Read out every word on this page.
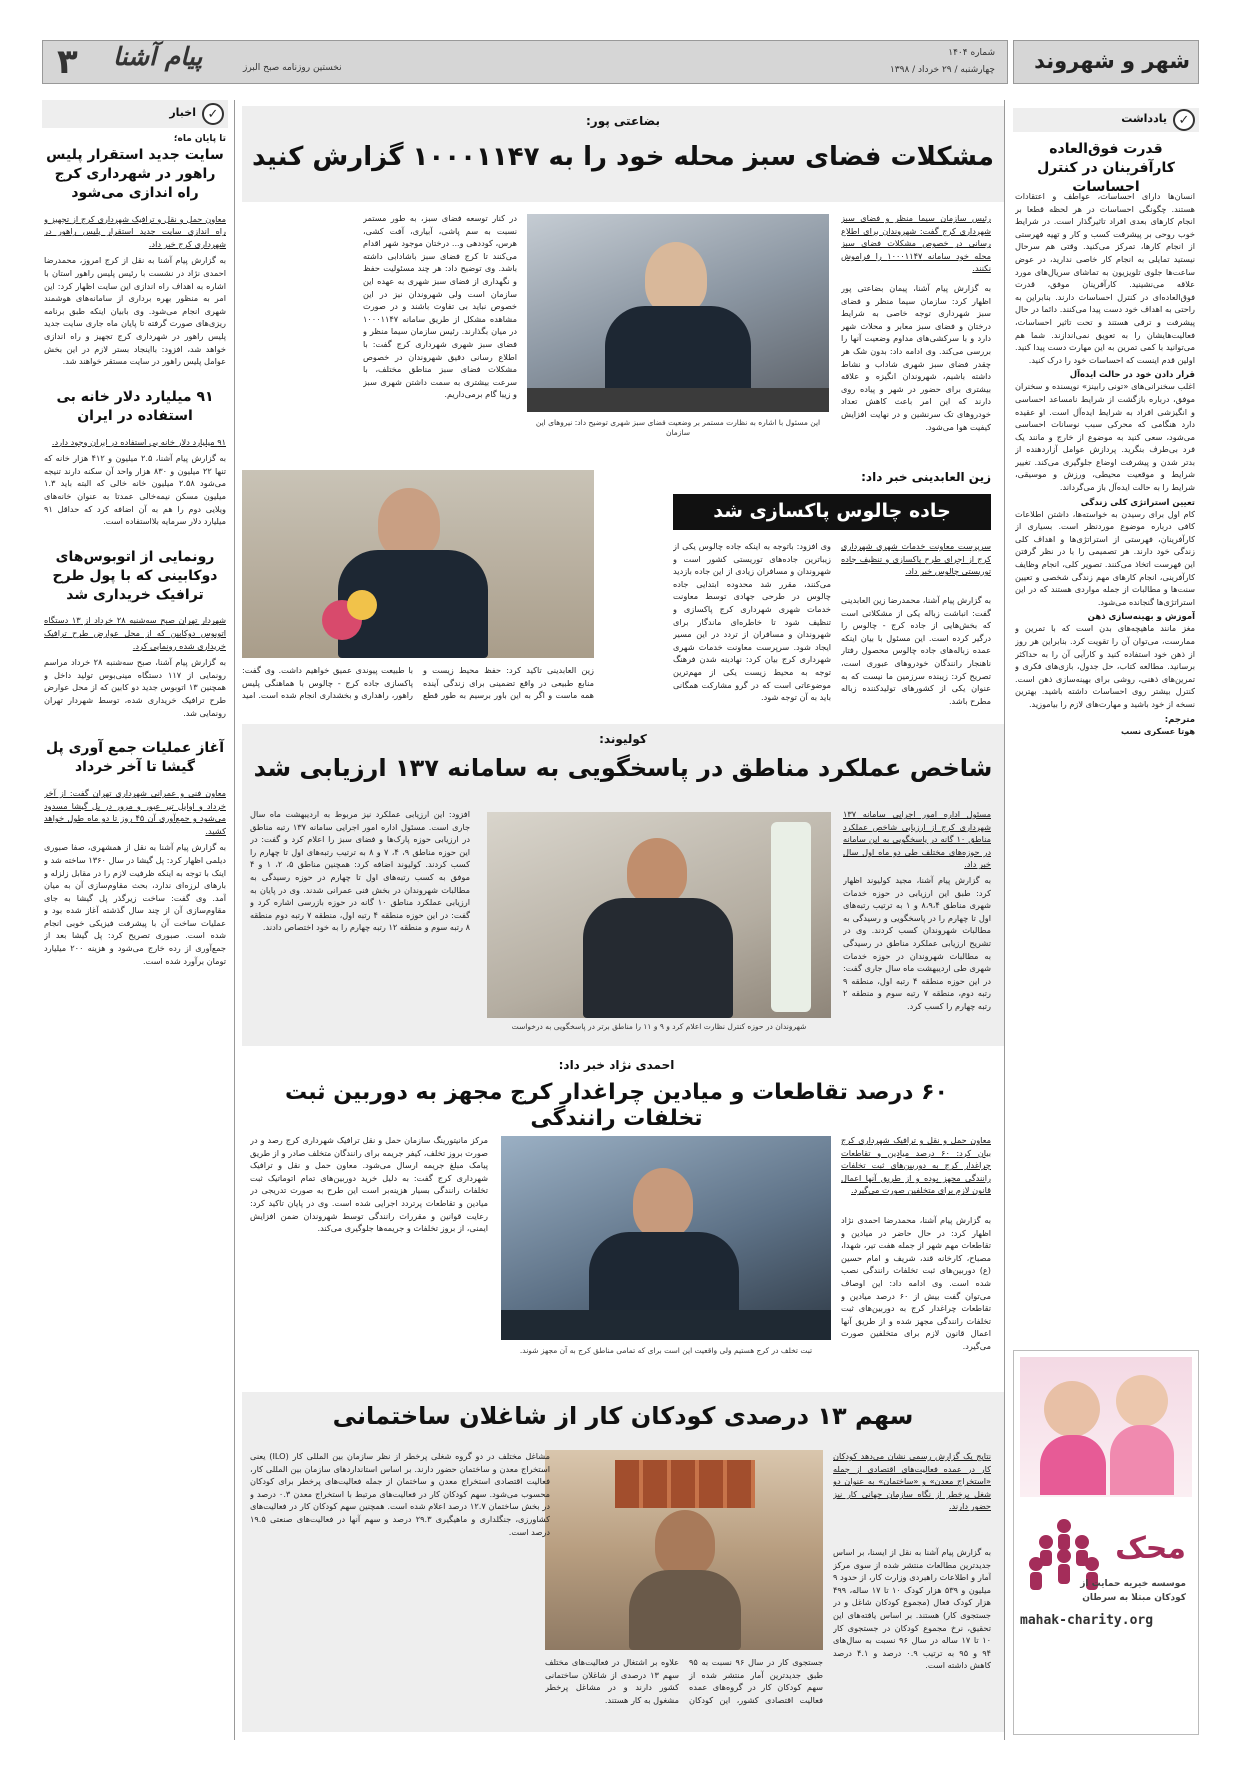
شهر و شهروند
شماره ۱۴۰۴
چهارشنبه / ۲۹ خرداد / ۱۳۹۸
۳ پیام آشنا	نخستین روزنامه صبح البرز
✓
یادداشت
قدرت فوق‌العاده کارآفرینان در کنترل احساسات
انسان‌ها دارای احساسات، عواطف و اعتقادات هستند. چگونگی احساسات در هر لحظه قطعا بر انجام کارهای بعدی افراد تاثیرگذار است. در شرایط خوب روحی بر پیشرفت کسب و کار و تهیه فهرستی از انجام کارها، تمرکز می‌کنید. وقتی هم سرحال نیستید تمایلی به انجام کار خاصی ندارید، در عوض ساعت‌ها جلوی تلویزیون به تماشای سریال‌های مورد علاقه می‌نشینید. کارآفرینان موفق، قدرت فوق‌العاده‌ای در کنترل احساسات دارند. بنابراین به راحتی به اهداف خود دست پیدا می‌کنند. دائما در حال پیشرفت و ترقی هستند و تحت تاثیر احساسات، فعالیت‌هایشان را به تعویق نمی‌اندازند. شما هم می‌توانید با کمی تمرین به این مهارت دست پیدا کنید. اولین قدم اینست که احساسات خود را درک کنید.
قرار دادن خود در حالت ایده‌آل
اغلب سخنرانی‌های «تونی رابینز» نویسنده و سخنران موفق، درباره بازگشت از شرایط نامساعد احساسی و انگیزشی افراد به شرایط ایده‌آل است. او عقیده دارد هنگامی که محرکی سبب نوسانات احساسی می‌شود، سعی کنید به موضوع از خارج و مانند یک فرد بی‌طرف بنگرید. پردازش عوامل آزاردهنده از بدتر شدن و پیشرفت اوضاع جلوگیری می‌کند. تغییر شرایط و موقعیت محیطی، ورزش و موسیقی، شرایط را به حالت ایده‌آل باز می‌گرداند.
تعیین استراتژی کلی زندگی
کام اول برای رسیدن به خواسته‌ها، داشتن اطلاعات کافی درباره موضوع موردنظر است. بسیاری از کارآفرینان، فهرستی از استراتژی‌ها و اهداف کلی زندگی خود دارند. هر تصمیمی را با در نظر گرفتن این فهرست اتخاذ می‌کنند. تصویر کلی، انجام وظایف کارآفرینی، انجام کارهای مهم زندگی شخصی و تعیین سنت‌ها و مطالبات از جمله مواردی هستند که در این استراتژی‌ها گنجانده می‌شود.
آموزش و بهینه‌سازی ذهن
مغز مانند ماهیچه‌های بدن است که با تمرین و ممارست، می‌توان آن را تقویت کرد. بنابراین هر روز از ذهن خود استفاده کنید و کارآیی آن را به حداکثر برسانید. مطالعه کتاب، حل جدول، بازی‌های فکری و تمرین‌های ذهنی، روشی برای بهینه‌سازی ذهن است. کنترل بیشتر روی احساسات داشته باشید. بهترین نسخه از خود باشید و مهارت‌های لازم را بیاموزید.
مترجم:
هوتا عسکری نسب
محک
موسسه خیریه حمایت از
کودکان مبتلا به سرطان
mahak-charity.org
✓
اخبار
تا پایان ماه؛
سایت جدید استقرار پلیس راهور در شهرداری کرج راه اندازی می‌شود
معاون حمل و نقل و ترافیک شهرداری کرج از تجهیز و راه اندازی سایت جدید استقرار پلیس راهور در شهرداری کرج خبر داد.
به گزارش پیام آشنا به نقل از کرج امروز، محمدرضا احمدی نژاد در نشست با رئیس پلیس راهور استان با اشاره به اهداف راه اندازی این سایت اظهار کرد: این امر به منظور بهره برداری از سامانه‌های هوشمند شهری انجام می‌شود. وی بابیان اینکه طبق برنامه ریزی‌های صورت گرفته تا پایان ماه جاری سایت جدید پلیس راهور در شهرداری کرج تجهیز و راه اندازی خواهد شد، افزود: بااینجاد بستر لازم در این بخش عوامل پلیس راهور در سایت مستقر خواهند شد.
۹۱ میلیارد دلار خانه بی استفاده در ایران
۹۱ میلیارد دلار خانه بی استفاده در ایران وجود دارد.
به گزارش پیام آشنا، ۲.۵ میلیون و ۴۱۲ هزار خانه که تنها ۲۲ میلیون و ۸۳۰ هزار واحد آن سکنه دارند تنیجه می‌شود ۲.۵۸ میلیون خانه خالی که البته باید ۱.۳ میلیون مسکن نیمه‌خالی عمدتا به عنوان خانه‌های ویلایی دوم را هم به آن اضافه کرد که حداقل ۹۱ میلیارد دلار سرمایه بلااستفاده است.
رونمایی از اتوبوس‌های دوکابینی که با پول طرح ترافیک خریداری شد
شهردار تهران صبح سه‌شنبه ۲۸ خرداد از ۱۳ دستگاه اتوبوس دوکابین که از محل عوارض طرح ترافیک خریداری شده رونمایی کرد.
به گزارش پیام آشنا، صبح سه‌شنبه ۲۸ خرداد مراسم رونمایی از ۱۱۷ دستگاه مینی‌بوس تولید داخل و همچنین ۱۳ اتوبوس جدید دو کابین که از محل عوارض طرح ترافیک خریداری شده، توسط شهردار تهران رونمایی شد.
آغاز عملیات جمع آوری پل گیشا تا آخر خرداد
معاون فنی و عمرانی شهرداری تهران گفت: از آخر خرداد و اوایل تیر عبور و مرور در پل گیشا مسدود می‌شود و جمع‌آوری آن ۴۵ روز تا دو ماه طول خواهد کشید.
به گزارش پیام آشنا به نقل از همشهری، صفا صبوری دیلمی اظهار کرد: پل گیشا در سال ۱۳۶۰ ساخته شد و اینک با توجه به اینکه ظرفیت لازم را در مقابل زلزله و بارهای لرزه‌ای ندارد، بحث مقاوم‌سازی آن به میان آمد. وی گفت: ساخت زیرگذر پل گیشا به جای مقاوم‌سازی آن از چند سال گذشته آغاز شده بود و عملیات ساخت آن با پیشرفت فیزیکی خوبی انجام شده است. صبوری تصریح کرد: پل گیشا بعد از جمع‌آوری از رده خارج می‌شود و هزینه ۲۰۰ میلیارد تومان برآورد شده است.
بضاعتی پور:
مشکلات فضای سبز محله خود را به ۱۰۰۰۱۱۴۷ گزارش کنید
رئیس سازمان سیما منظر و فضای سبز شهرداری کرج گفت: شهروندان برای اطلاع رسانی در خصوص مشکلات فضای سبز محله خود سامانه ۱۰۰۰۱۱۴۷ را فراموش نکنند.
به گزارش پیام آشنا، پیمان بضاعتی پور اظهار کرد: سازمان سیما منظر و فضای سبز شهرداری توجه خاصی به شرایط درختان و فضای سبز معابر و محلات شهر دارد و با سرکشی‌های مداوم وضعیت آنها را بررسی می‌کند. وی ادامه داد: بدون شک هر چقدر فضای سبز شهری شاداب و نشاط داشته باشیم، شهروندان انگیزه و علاقه بیشتری برای حضور در شهر و پیاده روی دارند که این امر باعث کاهش تعداد خودروهای تک سرنشین و در نهایت افزایش کیفیت هوا می‌شود.
این مسئول با اشاره به نظارت مستمر بر وضعیت فضای سبز شهری توضیح داد: نیروهای این سازمان
در کنار توسعه فضای سبز، به طور مستمر نسبت به سم پاشی، آبیاری، آفت کشی، هرس، کوددهی و... درختان موجود شهر اقدام می‌کنند تا کرج فضای سبز باشادابی داشته باشد. وی توضیح داد: هر چند مسئولیت حفظ و نگهداری از فضای سبز شهری به عهده این سازمان است ولی شهروندان نیز در این خصوص نباید بی تفاوت باشند و در صورت مشاهده مشکل از طریق سامانه ۱۰۰۰۱۱۴۷ در میان بگذارند. رئیس سازمان سیما منظر و فضای سبز شهری شهرداری کرج گفت: با اطلاع رسانی دقیق شهروندان در خصوص مشکلات فضای سبز مناطق مختلف، با سرعت بیشتری به سمت داشتن شهری سبز و زیبا گام برمی‌داریم.
زین العابدینی خبر داد:
جاده چالوس پاکسازی شد
سرپرست معاونت خدمات شهری شهرداری کرج از اجرای طرح پاکسازی و تنظیف جاده توریستی چالوس خبر داد.
به گزارش پیام آشنا، محمدرضا زین العابدینی گفت: انباشت زباله یکی از مشکلاتی است که بخش‌هایی از جاده کرج - چالوس را درگیر کرده است. این مسئول با بیان اینکه عمده زباله‌های جاده چالوس محصول رفتار ناهنجار رانندگان خودروهای عبوری است، تصریح کرد: زیبنده سرزمین ما نیست که به عنوان یکی از کشورهای تولیدکننده زباله مطرح باشد.
وی افزود: باتوجه به اینکه جاده چالوس یکی از زیباترین جاده‌های توریستی کشور است و شهروندان و مسافران زیادی از این جاده بازدید می‌کنند، مقرر شد محدوده ابتدایی جاده چالوس در طرحی جهادی توسط معاونت خدمات شهری شهرداری کرج پاکسازی و تنظیف شود تا خاطره‌ای ماندگار برای شهروندان و مسافران از تردد در این مسیر ایجاد شود. سرپرست معاونت خدمات شهری شهرداری کرج بیان کرد: نهادینه شدن فرهنگ توجه به محیط زیست یکی از مهم‌ترین موضوعاتی است که در گرو مشارکت همگانی باید به آن توجه شود.
زین العابدینی تاکید کرد: حفظ محیط زیست و منابع طبیعی در واقع تضمینی برای زندگی آینده همه ماست و اگر به این باور برسیم به طور قطع با طبیعت پیوندی عمیق خواهیم داشت. وی گفت: پاکسازی جاده کرج - چالوس با هماهنگی پلیس راهور، راهداری و بخشداری انجام شده است. امید
کولیوند:
شاخص عملکرد مناطق در پاسخگویی به سامانه ۱۳۷ ارزیابی شد
مسئول اداره امور اجرایی سامانه ۱۳۷ شهرداری کرج از ارزیابی شاخص عملکرد مناطق ۱۰ گانه در پاسخگویی به این سامانه در حوزه‌های مختلف طی دو ماه اول سال خبر داد.
به گزارش پیام آشنا، مجید کولیوند اظهار کرد: طبق این ارزیابی در حوزه خدمات شهری مناطق ۸،۹،۴ و ۱ به ترتیب رتبه‌های اول تا چهارم را در پاسخگویی و رسیدگی به مطالبات شهروندان کسب کردند. وی در تشریح ارزیابی عملکرد مناطق در رسیدگی به مطالبات شهروندان در حوزه خدمات شهری طی اردیبهشت ماه سال جاری گفت: در این حوزه منطقه ۴ رتبه اول، منطقه ۹ رتبه دوم، منطقه ۷ رتبه سوم و منطقه ۲ رتبه چهارم را کسب کرد.
شهروندان در حوزه کنترل نظارت اعلام کرد و ۹ و ۱۱ را مناطق برتر در پاسخگویی به درخواست
افزود: این ارزیابی عملکرد نیز مربوط به اردیبهشت ماه سال جاری است. مسئول اداره امور اجرایی سامانه ۱۳۷ رتبه مناطق در ارزیابی حوزه پارک‌ها و فضای سبز را اعلام کرد و گفت: در این حوزه مناطق ۹، ۴، ۷ و ۸ به ترتیب رتبه‌های اول تا چهارم را کسب کردند. کولیوند اضافه کرد: همچنین مناطق ۵، ۲، ۱ و ۴ موفق به کسب رتبه‌های اول تا چهارم در حوزه رسیدگی به مطالبات شهروندان در بخش فنی عمرانی شدند. وی در پایان به ارزیابی عملکرد مناطق ۱۰ گانه در حوزه بازرسی اشاره کرد و گفت: در این حوزه منطقه ۴ رتبه اول، منطقه ۷ رتبه دوم منطقه ۸ رتبه سوم و منطقه ۱۲ رتبه چهارم را به خود اختصاص دادند.
احمدی نژاد خبر داد:
۶۰ درصد تقاطعات و میادین چراغدار کرج مجهز به دوربین ثبت تخلفات رانندگی
معاون حمل و نقل و ترافیک شهرداری کرج بیان کرد: ۶۰ درصد میادین و تقاطعات چراغدار کرج به دوربین‌های ثبت تخلفات رانندگی مجهز بوده و از طریق آنها اعمال قانون لازم برای متخلفین صورت می‌گیرد.
به گزارش پیام آشنا، محمدرضا احمدی نژاد اظهار کرد: در حال حاضر در میادین و تقاطعات مهم شهر از جمله هفت تیر، شهدا، مصباح، کارخانه قند، شریف و امام حسین (ع) دوربین‌های ثبت تخلفات رانندگی نصب شده است. وی ادامه داد: این اوصاف می‌توان گفت بیش از ۶۰ درصد میادین و تقاطعات چراغدار کرج به دوربین‌های ثبت تخلفات رانندگی مجهز شده و از طریق آنها اعمال قانون لازم برای متخلفین صورت می‌گیرد.
تبت تخلف در کرج هستیم ولی واقعیت این است برای که تمامی مناطق کرج به آن مجهز شوند.
مرکز مانیتورینگ سازمان حمل و نقل ترافیک شهرداری کرج رصد و در صورت بروز تخلف، کیفر جریمه برای رانندگان متخلف صادر و از طریق پیامک مبلغ جریمه ارسال می‌شود. معاون حمل و نقل و ترافیک شهرداری کرج گفت: به دلیل خرید دوربین‌های تمام اتوماتیک ثبت تخلفات رانندگی بسیار هزینه‌بر است این طرح به صورت تدریجی در میادین و تقاطعات پرتردد اجرایی شده است. وی در پایان تاکید کرد: رعایت قوانین و مقررات رانندگی توسط شهروندان ضمن افزایش ایمنی، از بروز تخلفات و جریمه‌ها جلوگیری می‌کند.
سهم ۱۳ درصدی کودکان کار از شاغلان ساختمانی
نتایج یک گزارش رسمی نشان می‌دهد کودکان کار در عمده فعالیت‌های اقتصادی از جمله «استخراج معدن» و «ساختمان» به عنوان دو شغل پرخطر از نگاه سازمان جهانی کار نیز حضور دارند.
به گزارش پیام آشنا به نقل از ایسنا، بر اساس جدیدترین مطالعات منتشر شده از سوی مرکز آمار و اطلاعات راهبردی وزارت کار، از حدود ۹ میلیون و ۵۳۹ هزار کودک ۱۰ تا ۱۷ ساله، ۴۹۹ هزار کودک فعال (مجموع کودکان شاغل و در جستجوی کار) هستند. بر اساس یافته‌های این تحقیق، نرخ مجموع کودکان در جستجوی کار ۱۰ تا ۱۷ ساله در سال ۹۶ نسبت به سال‌های ۹۴ و ۹۵ به ترتیب ۰.۹ درصد و ۴.۱ درصد کاهش داشته است.
جستجوی کار در سال ۹۶ نسبت به ۹۵ طبق جدیدترین آمار منتشر شده از سهم کودکان کار در گروه‌های عمده فعالیت اقتصادی کشور، این کودکان علاوه بر اشتغال در فعالیت‌های مختلف سهم ۱۳ درصدی از شاغلان ساختمانی کشور دارند و در مشاغل پرخطر مشغول به کار هستند.
مشاغل مختلف در دو گروه شغلی پرخطر از نظر سازمان بین المللی کار (ILO) یعنی استخراج معدن و ساختمان حضور دارند. بر اساس استانداردهای سازمان بین المللی کار، فعالیت اقتصادی استخراج معدن و ساختمان از جمله فعالیت‌های پرخطر برای کودکان محسوب می‌شود. سهم کودکان کار در فعالیت‌های مرتبط با استخراج معدن ۰.۳ درصد و در بخش ساختمان ۱۲.۷ درصد اعلام شده است. همچنین سهم کودکان کار در فعالیت‌های کشاورزی، جنگلداری و ماهیگیری ۲۹.۳ درصد و سهم آنها در فعالیت‌های صنعتی ۱۹.۵ درصد است.
